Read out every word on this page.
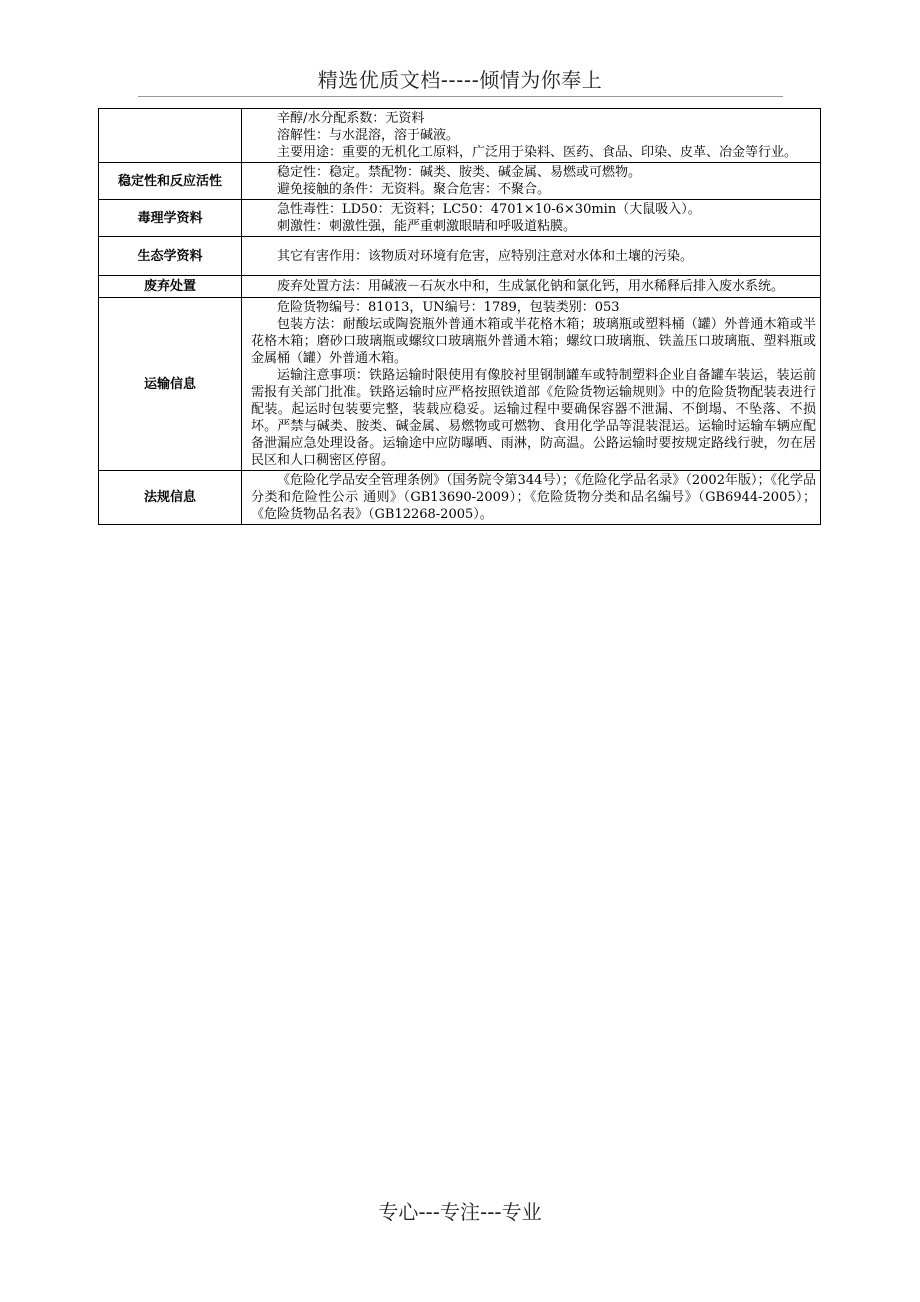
精选优质文档-----倾情为你奉上

	辛醇/水分配系数：无资料

溶解性：与水混溶，溶于碱液。

主要用途：重要的无机化工原料，广泛用于染料、医药、食品、印染、皮革、冶金等行业。

稳定性和反应活性	稳定性：稳定。禁配物：碱类、胺类、碱金属、易燃或可燃物。

避免接触的条件：无资料。聚合危害：不聚合。

毒理学资料	急性毒性：LD50：无资料；LC50：4701×10-6×30min（大鼠吸入）。

刺激性：刺激性强，能严重刺激眼睛和呼吸道粘膜。

生态学资料	其它有害作用：该物质对环境有危害，应特别注意对水体和土壤的污染。

废弃处置	废弃处置方法：用碱液－石灰水中和，生成氯化钠和氯化钙，用水稀释后排入废水系统。

运输信息	危险货物编号：81013，UN编号：1789，包装类别：053

包装方法：耐酸坛或陶瓷瓶外普通木箱或半花格木箱；玻璃瓶或塑料桶（罐）外普通木箱或半花格木箱；磨砂口玻璃瓶或螺纹口玻璃瓶外普通木箱；螺纹口玻璃瓶、铁盖压口玻璃瓶、塑料瓶或金属桶（罐）外普通木箱。

运输注意事项：铁路运输时限使用有像胶衬里钢制罐车或特制塑料企业自备罐车装运，装运前需报有关部门批准。铁路运输时应严格按照铁道部《危险货物运输规则》中的危险货物配装表进行配装。起运时包装要完整，装载应稳妥。运输过程中要确保容器不泄漏、不倒塌、不坠落、不损坏。严禁与碱类、胺类、碱金属、易燃物或可燃物、食用化学品等混装混运。运输时运输车辆应配备泄漏应急处理设备。运输途中应防曝晒、雨淋，防高温。公路运输时要按规定路线行驶，勿在居民区和人口稠密区停留。

法规信息	《危险化学品安全管理条例》（国务院令第344号）；《危险化学品名录》（2002年版）；《化学品分类和危险性公示 通则》（GB13690-2009）；《危险货物分类和品名编号》（GB6944-2005）；《危险货物品名表》（GB12268-2005）。

专心---专注---专业
